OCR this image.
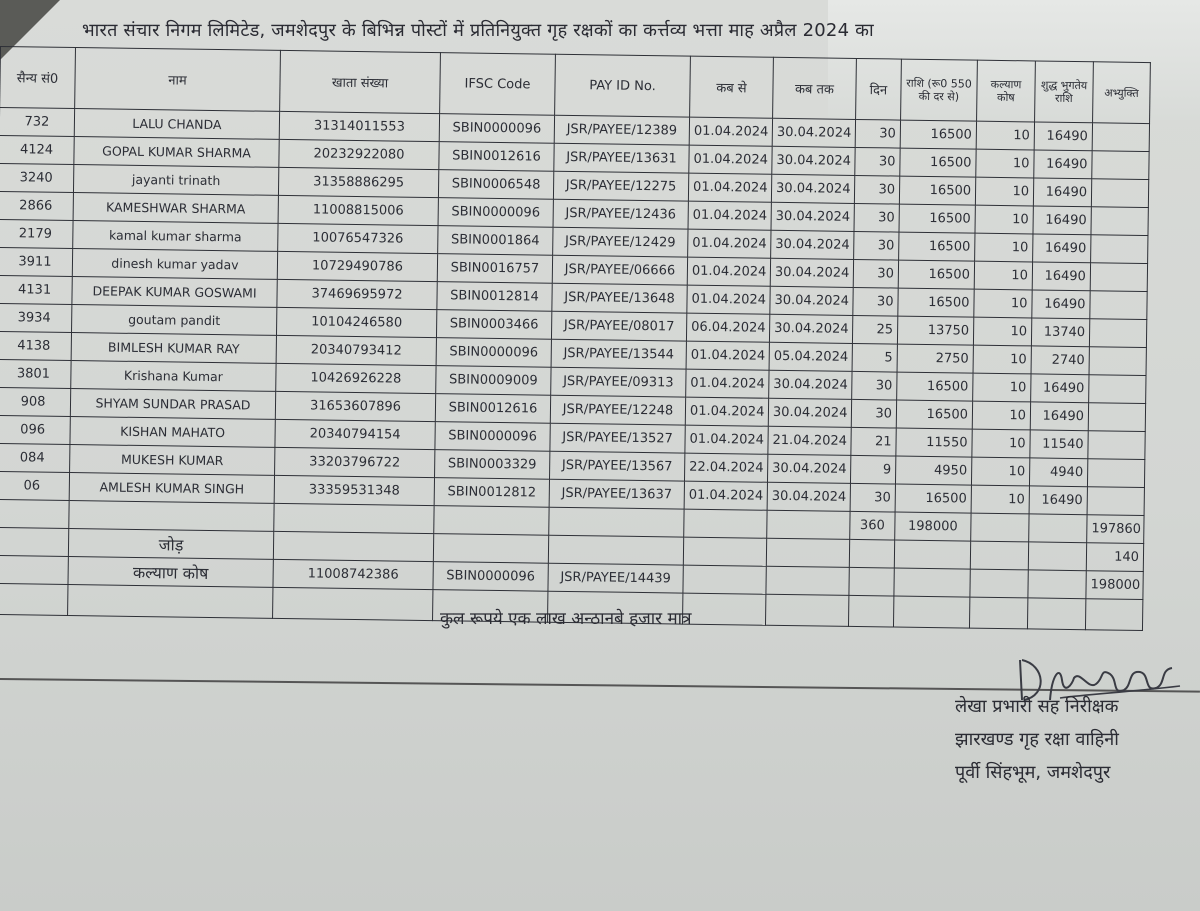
भारत संचार निगम लिमिटेड, जमशेदपुर के बिभिन्न पोस्टों में प्रतिनियुक्त गृह रक्षकों का कर्त्तव्य भत्ता माह अप्रैल 2024 का
सैन्य सं0	नाम	खाता संख्या	IFSC Code	PAY ID No.	कब से	कब तक	दिन	राशि (रू0 550 की दर से)	कल्याण कोष	शुद्ध भुगतेय राशि	अभ्युक्ति
732	LALU CHANDA	31314011553	SBIN0000096	JSR/PAYEE/12389	01.04.2024	30.04.2024	30	16500	10	16490	
4124	GOPAL KUMAR SHARMA	20232922080	SBIN0012616	JSR/PAYEE/13631	01.04.2024	30.04.2024	30	16500	10	16490	
3240	jayanti trinath	31358886295	SBIN0006548	JSR/PAYEE/12275	01.04.2024	30.04.2024	30	16500	10	16490	
2866	KAMESHWAR SHARMA	11008815006	SBIN0000096	JSR/PAYEE/12436	01.04.2024	30.04.2024	30	16500	10	16490	
2179	kamal kumar sharma	10076547326	SBIN0001864	JSR/PAYEE/12429	01.04.2024	30.04.2024	30	16500	10	16490	
3911	dinesh kumar yadav	10729490786	SBIN0016757	JSR/PAYEE/06666	01.04.2024	30.04.2024	30	16500	10	16490	
4131	DEEPAK KUMAR GOSWAMI	37469695972	SBIN0012814	JSR/PAYEE/13648	01.04.2024	30.04.2024	30	16500	10	16490	
3934	goutam pandit	10104246580	SBIN0003466	JSR/PAYEE/08017	06.04.2024	30.04.2024	25	13750	10	13740	
4138	BIMLESH KUMAR RAY	20340793412	SBIN0000096	JSR/PAYEE/13544	01.04.2024	05.04.2024	5	2750	10	2740	
3801	Krishana Kumar	10426926228	SBIN0009009	JSR/PAYEE/09313	01.04.2024	30.04.2024	30	16500	10	16490	
908	SHYAM SUNDAR PRASAD	31653607896	SBIN0012616	JSR/PAYEE/12248	01.04.2024	30.04.2024	30	16500	10	16490	
096	KISHAN MAHATO	20340794154	SBIN0000096	JSR/PAYEE/13527	01.04.2024	21.04.2024	21	11550	10	11540	
084	MUKESH KUMAR	33203796722	SBIN0003329	JSR/PAYEE/13567	22.04.2024	30.04.2024	9	4950	10	4940	
06	AMLESH KUMAR SINGH	33359531348	SBIN0012812	JSR/PAYEE/13637	01.04.2024	30.04.2024	30	16500	10	16490	
							360	198000			197860
	जोड़										140
	कल्याण कोष	11008742386	SBIN0000096	JSR/PAYEE/14439							198000

कुल रूपये एक लाख अन्ठानबे हजार मात्र
लेखा प्रभारी सह निरीक्षक
झारखण्ड गृह रक्षा वाहिनी
पूर्वी सिंहभूम, जमशेदपुर
